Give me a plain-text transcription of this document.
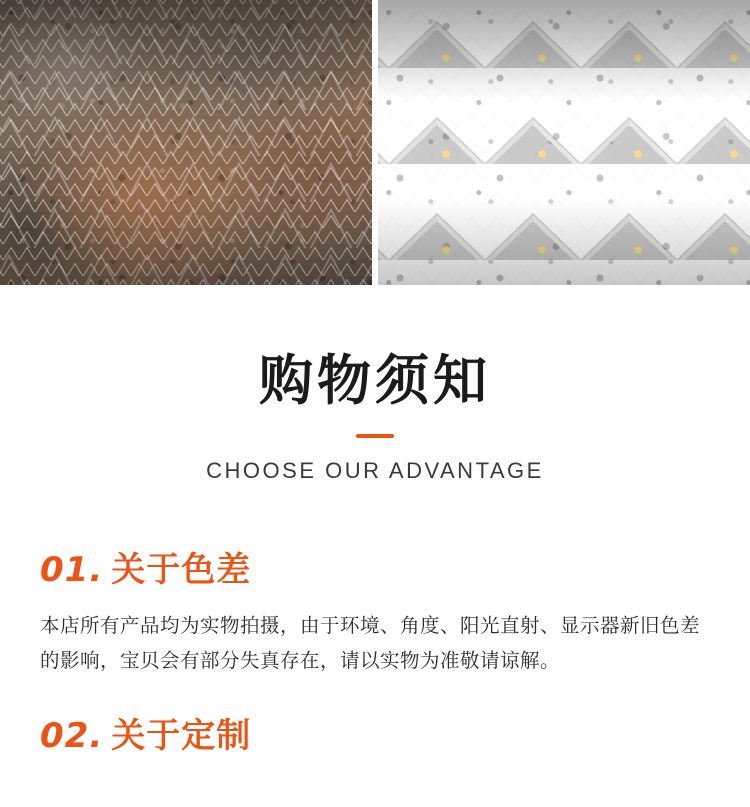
购物须知

CHOOSE OUR ADVANTAGE

01. 关于色差

本店所有产品均为实物拍摄，由于环境、角度、阳光直射、显示器新旧色差的影响，宝贝会有部分失真存在，请以实物为准敬请谅解。

02. 关于定制
